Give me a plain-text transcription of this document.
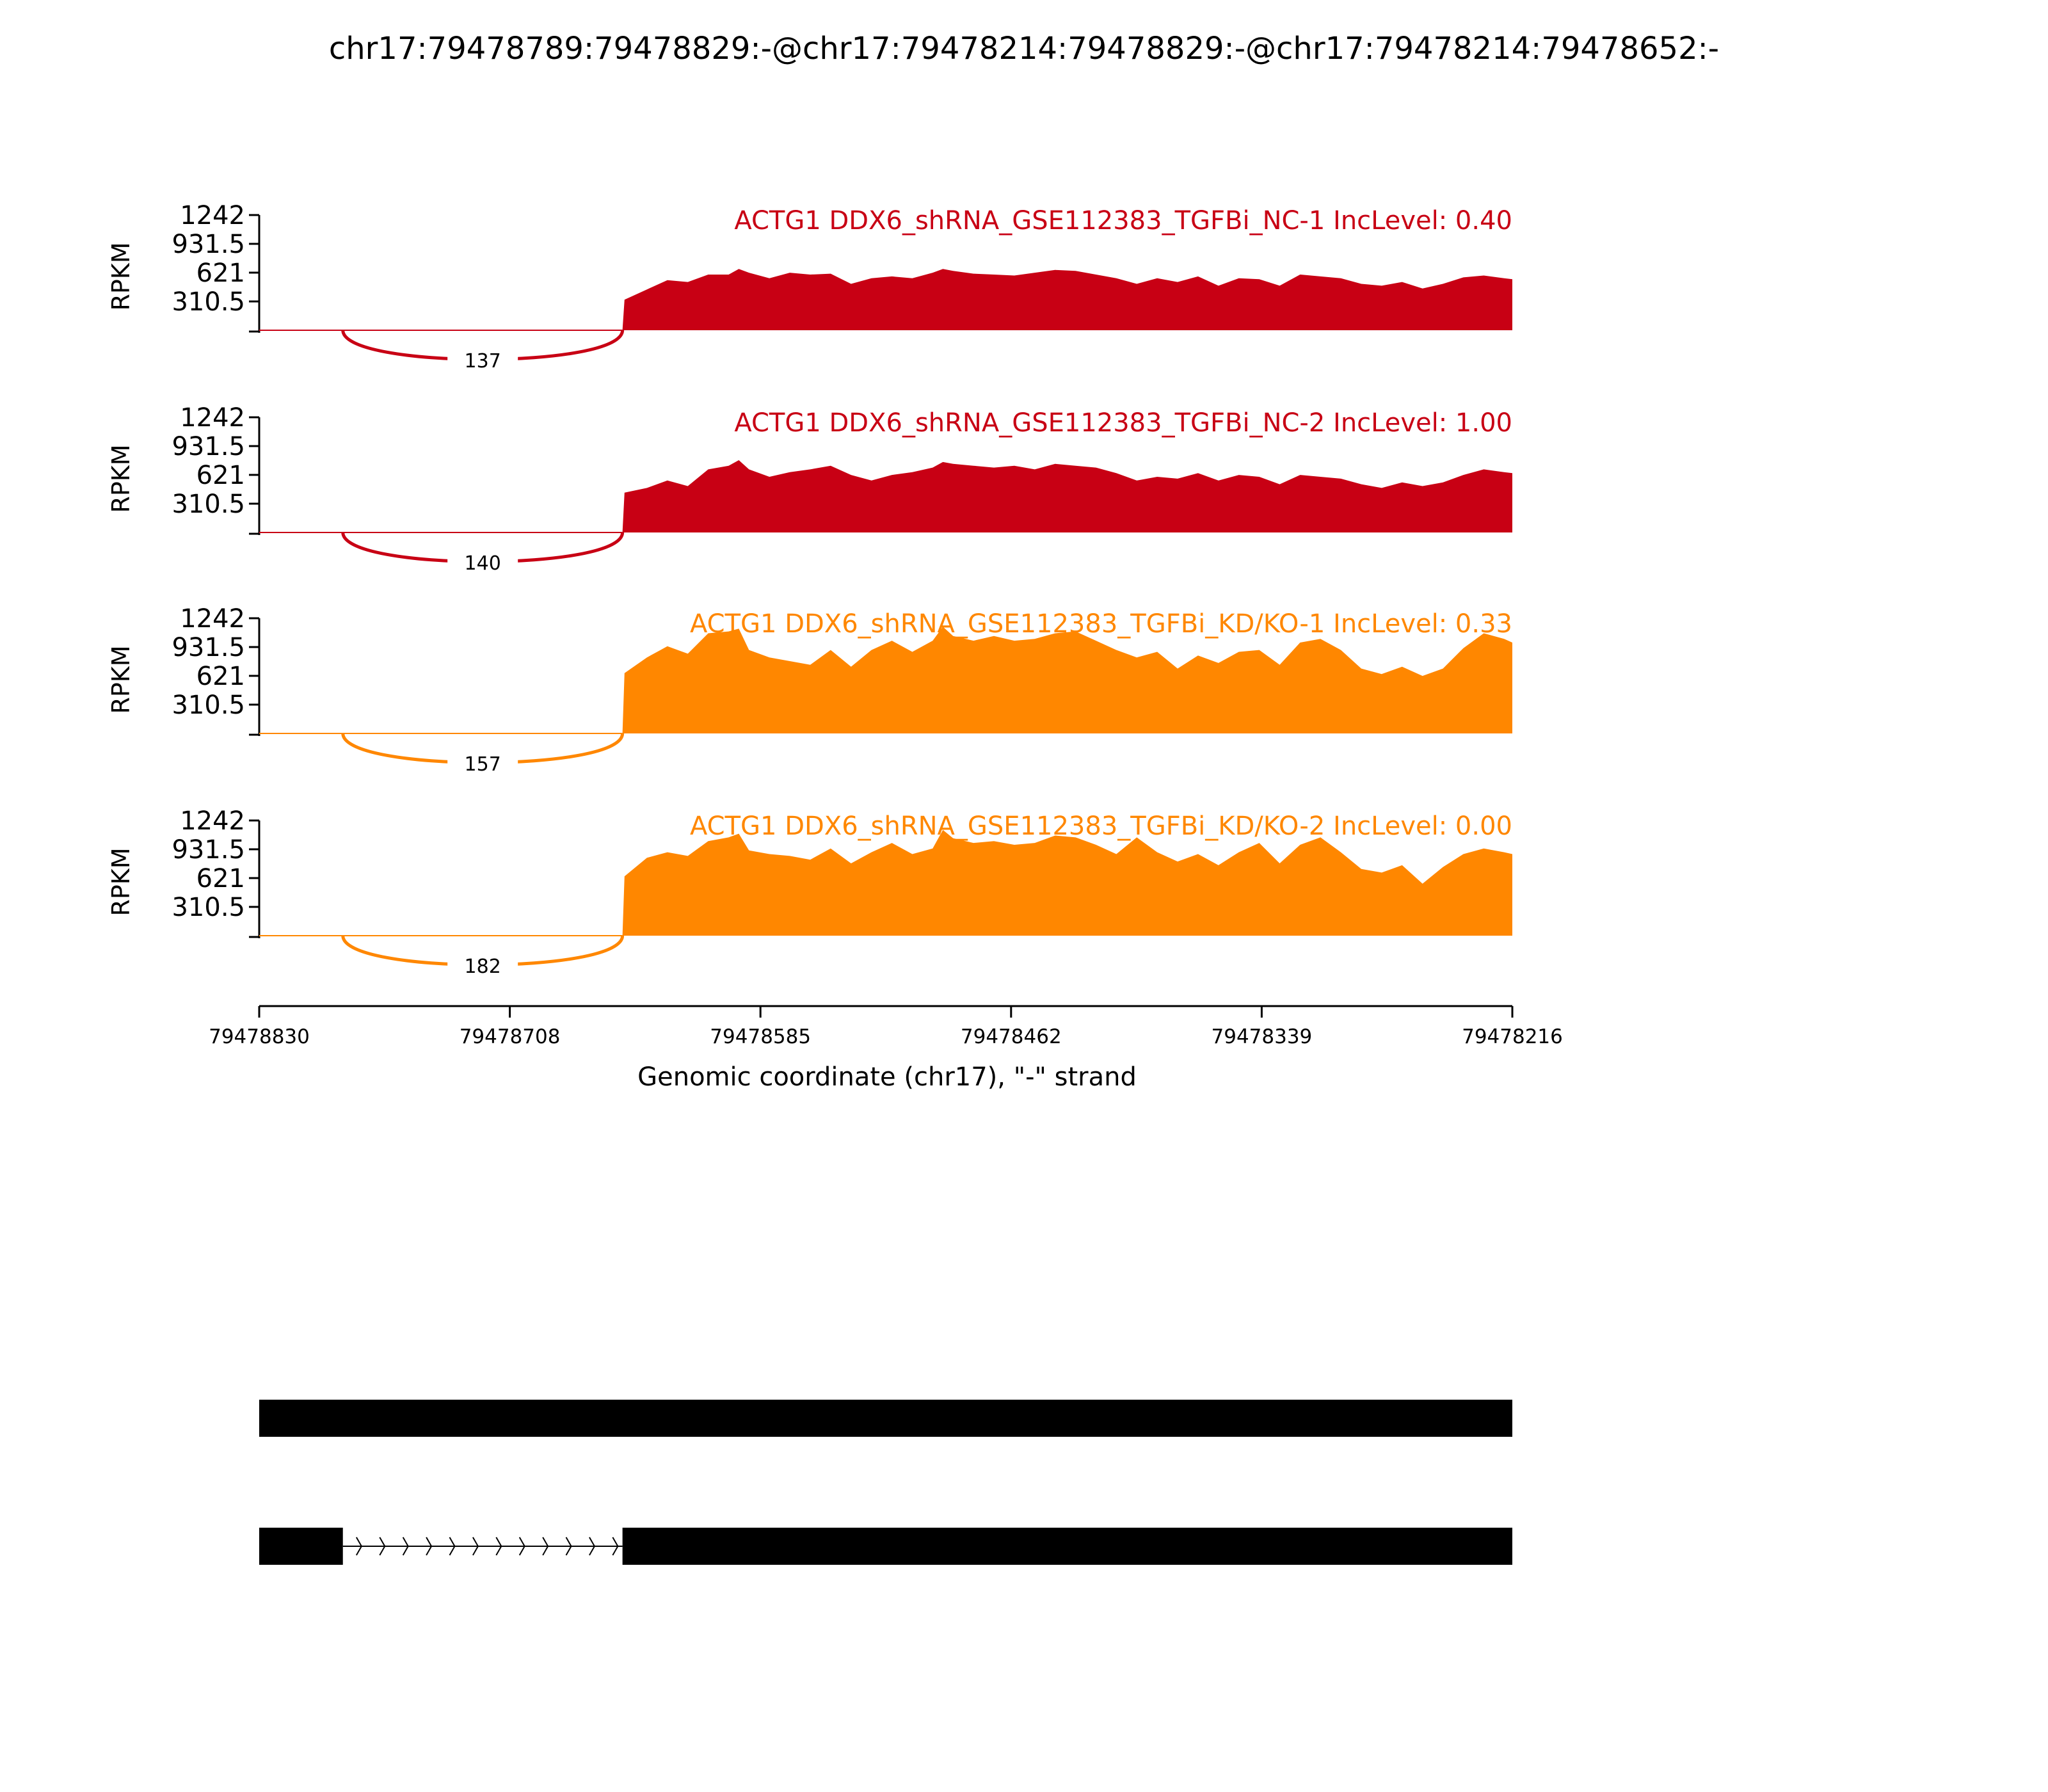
chr17:79478789:79478829:-@chr17:79478214:79478829:-@chr17:79478214:79478652:-
1242
931.5
621
310.5
RPKM
137
ACTG1 DDX6_shRNA_GSE112383_TGFBi_NC-1 IncLevel: 0.40
1242
931.5
621
310.5
RPKM
140
ACTG1 DDX6_shRNA_GSE112383_TGFBi_NC-2 IncLevel: 1.00
1242
931.5
621
310.5
RPKM
157
ACTG1 DDX6_shRNA_GSE112383_TGFBi_KD/KO-1 IncLevel: 0.33
1242
931.5
621
310.5
RPKM
182
ACTG1 DDX6_shRNA_GSE112383_TGFBi_KD/KO-2 IncLevel: 0.00
79478830	79478708	79478585	79478462	79478339	79478216
Genomic coordinate (chr17), "-" strand
